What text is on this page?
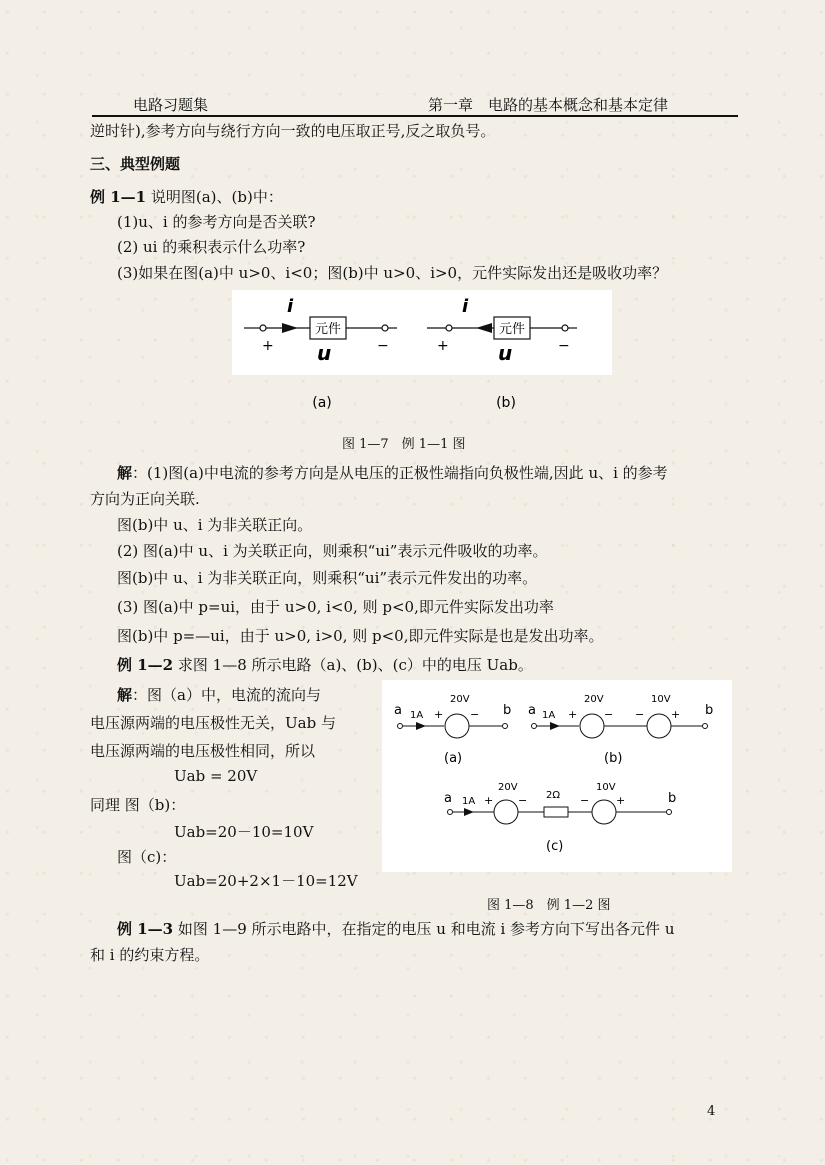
电路习题集	第一章　电路的基本概念和基本定律
逆时针),参考方向与绕行方向一致的电压取正号,反之取负号。
三、典型例题
例 1—1 说明图(a)、(b)中：
(1)u、i 的参考方向是否关联?
(2) ui 的乘积表示什么功率?
(3)如果在图(a)中 u>0、i<0；图(b)中 u>0、i>0，元件实际发出还是吸收功率？
元件
i
+	−
u
元件
i
+	−
u
(a)	(b)
图 1—7　例 1—1 图
解：(1)图(a)中电流的参考方向是从电压的正极性端指向负极性端,因此 u、i 的参考
方向为正向关联.
图(b)中 u、i 为非关联正向。
(2) 图(a)中 u、i 为关联正向，则乘积“ui”表示元件吸收的功率。
图(b)中 u、i 为非关联正向，则乘积“ui”表示元件发出的功率。
(3) 图(a)中 p=ui，由于 u>0, i<0, 则 p<0,即元件实际发出功率
图(b)中 p=—ui，由于 u>0, i>0, 则 p<0,即元件实际是也是发出功率。
例 1—2 求图 1—8 所示电路（a)、(b)、(c）中的电压 Uab。
解：图（a）中，电流的流向与
电压源两端的电压极性无关，Uab 与
电压源两端的电压极性相同，所以
Uab = 20V
同理 图（b)：
Uab=20－10=10V
图（c)：
Uab=20+2×1－10=12V
a 1A +
20V
− b
(a)
a 1A +
20V
− −
10V
+ b
(b)
a 1A +
20V
− 2Ω −
10V
+	b
(c)
图 1—8　例 1—2 图
例 1—3 如图 1—9 所示电路中，在指定的电压 u 和电流 i 参考方向下写出各元件 u
和 i 的约束方程。
4
